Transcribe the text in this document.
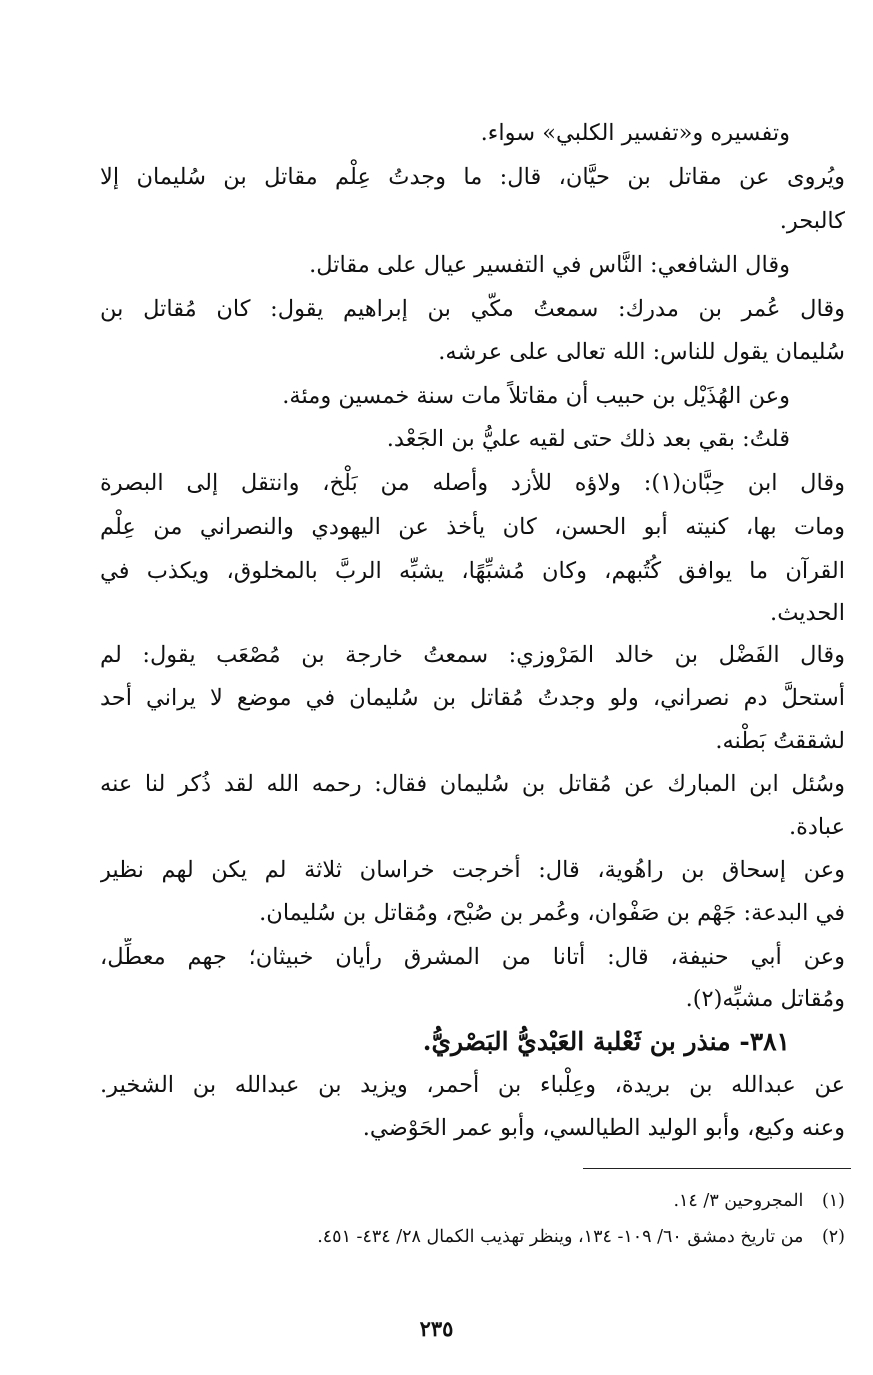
وتفسيره و«تفسير الكلبي» سواء.
ويُروى عن مقاتل بن حيَّان، قال: ما وجدتُ عِلْم مقاتل بن سُليمان إلا
كالبحر.
وقال الشافعي: النَّاس في التفسير عيال على مقاتل.
وقال عُمر بن مدرك: سمعتُ مكّي بن إبراهيم يقول: كان مُقاتل بن
سُليمان يقول للناس: الله تعالى على عرشه.
وعن الهُذَيْل بن حبيب أن مقاتلاً مات سنة خمسين ومئة.
قلتُ: بقي بعد ذلك حتى لقيه عليُّ بن الجَعْد.
وقال ابن حِبَّان(١): ولاؤه للأزد وأصله من بَلْخ، وانتقل إلى البصرة
ومات بها، كنيته أبو الحسن، كان يأخذ عن اليهودي والنصراني من عِلْم
القرآن ما يوافق كُتُبهم، وكان مُشبِّهًا، يشبِّه الربَّ بالمخلوق، ويكذب في
الحديث.
وقال الفَضْل بن خالد المَرْوزي: سمعتُ خارجة بن مُصْعَب يقول: لم
أستحلَّ دم نصراني، ولو وجدتُ مُقاتل بن سُليمان في موضع لا يراني أحد
لشققتُ بَطْنه.
وسُئل ابن المبارك عن مُقاتل بن سُليمان فقال: رحمه الله لقد ذُكر لنا عنه
عبادة.
وعن إسحاق بن راهُوية، قال: أخرجت خراسان ثلاثة لم يكن لهم نظير
في البدعة: جَهْم بن صَفْوان، وعُمر بن صُبْح، ومُقاتل بن سُليمان.
وعن أبي حنيفة، قال: أتانا من المشرق رأيان خبيثان؛ جهم معطِّل،
ومُقاتل مشبِّه(٢).
٣٨١- منذر بن ثَعْلبة العَبْديُّ البَصْريُّ.
عن عبدالله بن بريدة، وعِلْباء بن أحمر، ويزيد بن عبدالله بن الشخير.
وعنه وكيع، وأبو الوليد الطيالسي، وأبو عمر الحَوْضي.
(١) المجروحين ٣/ ١٤.
(٢) من تاريخ دمشق ٦٠/ ١٠٩- ١٣٤، وينظر تهذيب الكمال ٢٨/ ٤٣٤- ٤٥١.
٢٣٥
